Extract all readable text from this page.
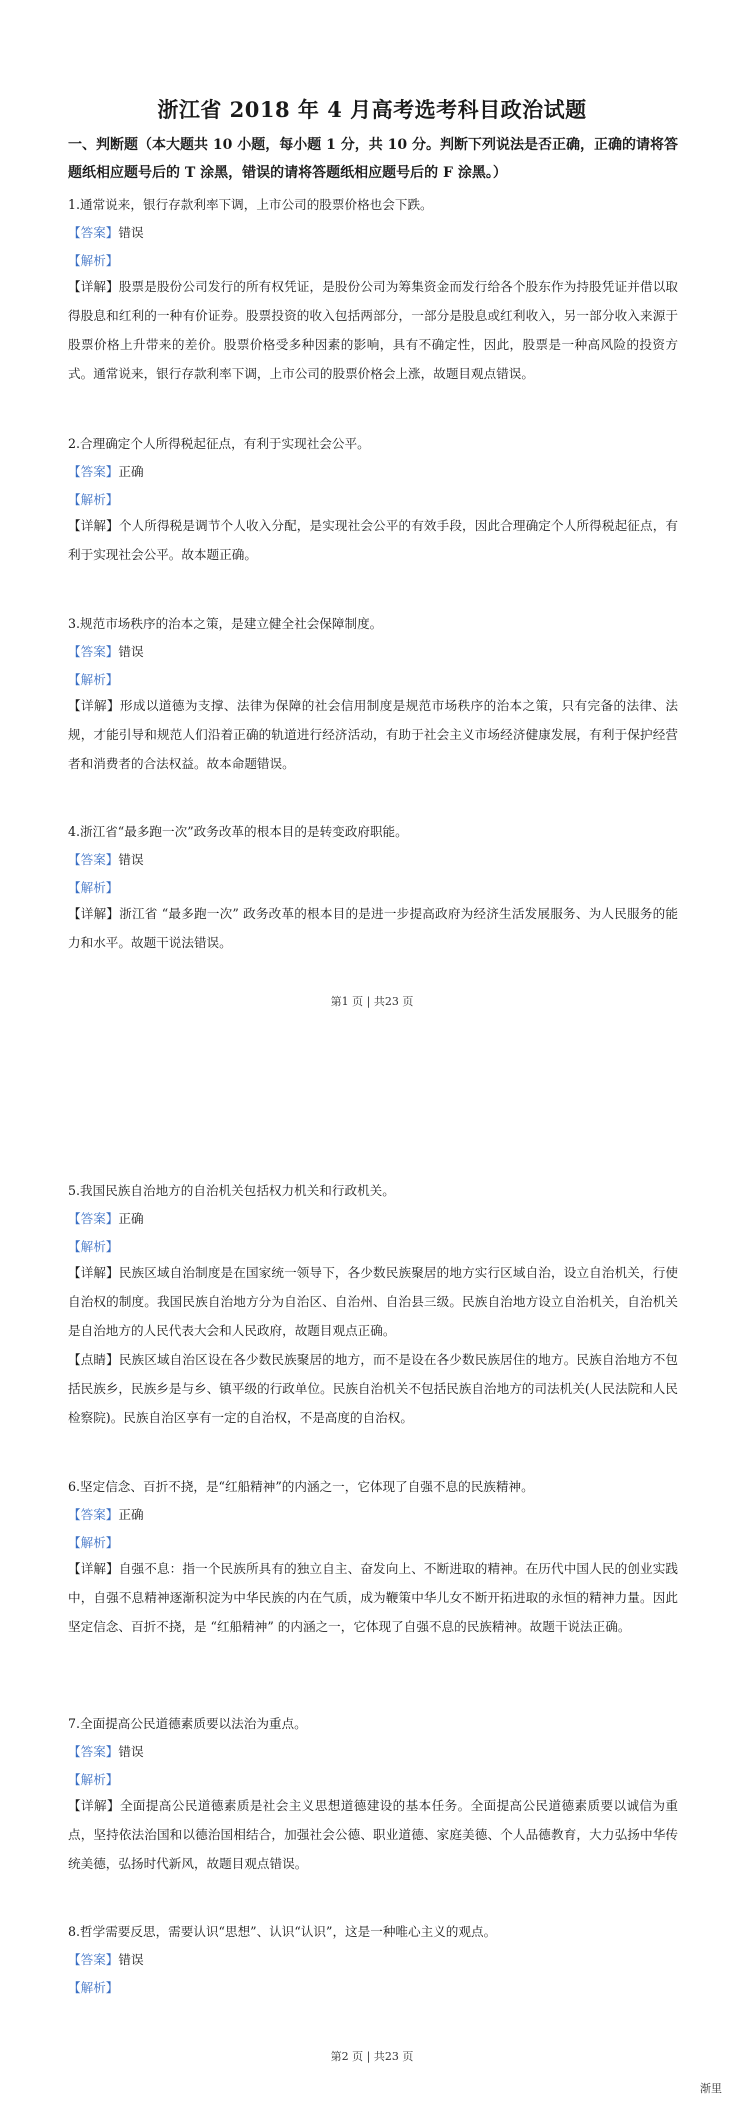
浙江省 2018 年 4 月高考选考科目政治试题
一、判断题（本大题共 10 小题，每小题 1 分，共 10 分。判断下列说法是否正确，正确的请将答题纸相应题号后的 T 涂黑，错误的请将答题纸相应题号后的 F 涂黑。）
1.通常说来，银行存款利率下调，上市公司的股票价格也会下跌。
【答案】错误
【解析】
【详解】股票是股份公司发行的所有权凭证，是股份公司为筹集资金而发行给各个股东作为持股凭证并借以取得股息和红利的一种有价证券。股票投资的收入包括两部分，一部分是股息或红利收入，另一部分收入来源于股票价格上升带来的差价。股票价格受多种因素的影响，具有不确定性，因此，股票是一种高风险的投资方式。通常说来，银行存款利率下调，上市公司的股票价格会上涨，故题目观点错误。
2.合理确定个人所得税起征点，有利于实现社会公平。
【答案】正确
【解析】
【详解】个人所得税是调节个人收入分配，是实现社会公平的有效手段，因此合理确定个人所得税起征点，有利于实现社会公平。故本题正确。
3.规范市场秩序的治本之策，是建立健全社会保障制度。
【答案】错误
【解析】
【详解】形成以道德为支撑、法律为保障的社会信用制度是规范市场秩序的治本之策，只有完备的法律、法规，才能引导和规范人们沿着正确的轨道进行经济活动，有助于社会主义市场经济健康发展，有利于保护经营者和消费者的合法权益。故本命题错误。
4.浙江省“最多跑一次”政务改革的根本目的是转变政府职能。
【答案】错误
【解析】
【详解】浙江省 “最多跑一次” 政务改革的根本目的是进一步提高政府为经济生活发展服务、为人民服务的能力和水平。故题干说法错误。
第1 页 | 共23 页
5.我国民族自治地方的自治机关包括权力机关和行政机关。
【答案】正确
【解析】
【详解】民族区域自治制度是在国家统一领导下，各少数民族聚居的地方实行区域自治，设立自治机关，行使自治权的制度。我国民族自治地方分为自治区、自治州、自治县三级。民族自治地方设立自治机关，自治机关是自治地方的人民代表大会和人民政府，故题目观点正确。
【点睛】民族区域自治区设在各少数民族聚居的地方，而不是设在各少数民族居住的地方。民族自治地方不包括民族乡，民族乡是与乡、镇平级的行政单位。民族自治机关不包括民族自治地方的司法机关(人民法院和人民检察院)。民族自治区享有一定的自治权，不是高度的自治权。
6.坚定信念、百折不挠，是“红船精神”的内涵之一，它体现了自强不息的民族精神。
【答案】正确
【解析】
【详解】自强不息：指一个民族所具有的独立自主、奋发向上、不断进取的精神。在历代中国人民的创业实践中，自强不息精神逐渐积淀为中华民族的内在气质，成为鞭策中华儿女不断开拓进取的永恒的精神力量。因此坚定信念、百折不挠，是 “红船精神” 的内涵之一，它体现了自强不息的民族精神。故题干说法正确。
7.全面提高公民道德素质要以法治为重点。
【答案】错误
【解析】
【详解】全面提高公民道德素质是社会主义思想道德建设的基本任务。全面提高公民道德素质要以诚信为重点，坚持依法治国和以德治国相结合，加强社会公德、职业道德、家庭美德、个人品德教育，大力弘扬中华传统美德，弘扬时代新风，故题目观点错误。
8.哲学需要反思，需要认识“思想”、认识“认识”，这是一种唯心主义的观点。
【答案】错误
【解析】
第2 页 | 共23 页
渐里
